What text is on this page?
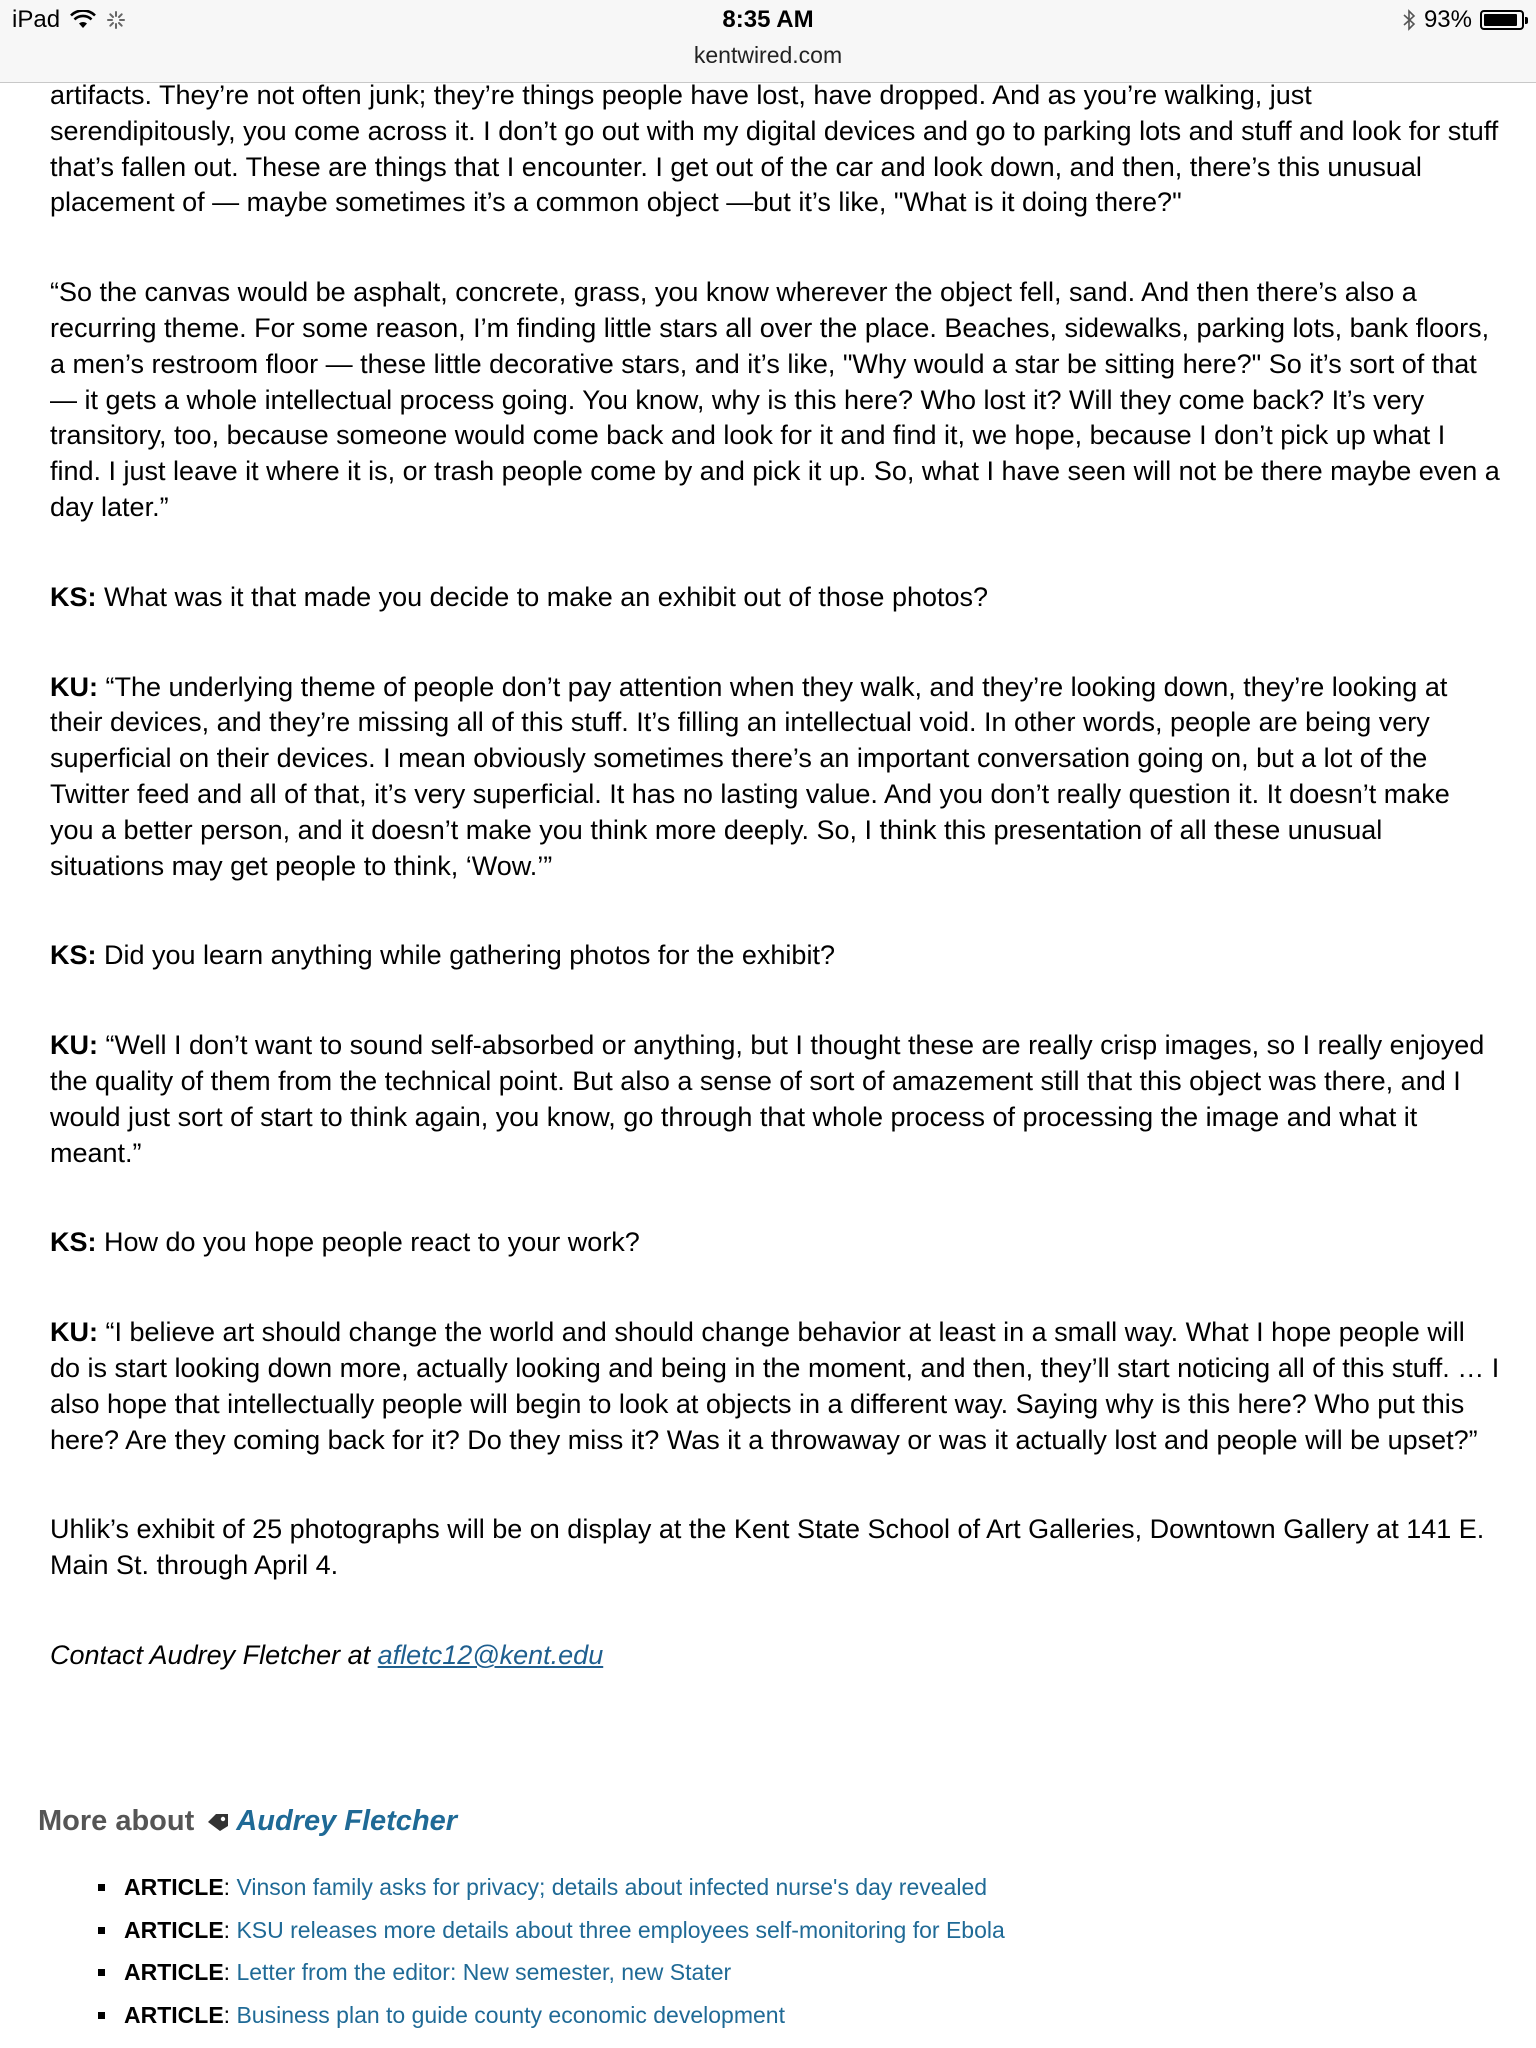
iPad	8:35 AM	93%
kentwired.com

artifacts. They’re not often junk; they’re things people have lost, have dropped. And as you’re walking, just serendipitously, you come across it. I don’t go out with my digital devices and go to parking lots and stuff and look for stuff that’s fallen out. These are things that I encounter. I get out of the car and look down, and then, there’s this unusual placement of — maybe sometimes it’s a common object —but it’s like, "What is it doing there?"

“So the canvas would be asphalt, concrete, grass, you know wherever the object fell, sand. And then there’s also a recurring theme. For some reason, I’m finding little stars all over the place. Beaches, sidewalks, parking lots, bank floors, a men’s restroom floor — these little decorative stars, and it’s like, "Why would a star be sitting here?" So it’s sort of that — it gets a whole intellectual process going. You know, why is this here? Who lost it? Will they come back? It’s very transitory, too, because someone would come back and look for it and find it, we hope, because I don’t pick up what I find. I just leave it where it is, or trash people come by and pick it up. So, what I have seen will not be there maybe even a day later.”

KS: What was it that made you decide to make an exhibit out of those photos?

KU: “The underlying theme of people don’t pay attention when they walk, and they’re looking down, they’re looking at their devices, and they’re missing all of this stuff. It’s filling an intellectual void. In other words, people are being very superficial on their devices. I mean obviously sometimes there’s an important conversation going on, but a lot of the Twitter feed and all of that, it’s very superficial. It has no lasting value. And you don’t really question it. It doesn’t make you a better person, and it doesn’t make you think more deeply. So, I think this presentation of all these unusual situations may get people to think, ‘Wow.’”

KS: Did you learn anything while gathering photos for the exhibit?

KU: “Well I don’t want to sound self-absorbed or anything, but I thought these are really crisp images, so I really enjoyed the quality of them from the technical point. But also a sense of sort of amazement still that this object was there, and I would just sort of start to think again, you know, go through that whole process of processing the image and what it meant.”

KS: How do you hope people react to your work?

KU: “I believe art should change the world and should change behavior at least in a small way. What I hope people will do is start looking down more, actually looking and being in the moment, and then, they’ll start noticing all of this stuff. … I also hope that intellectually people will begin to look at objects in a different way. Saying why is this here? Who put this here? Are they coming back for it? Do they miss it? Was it a throwaway or was it actually lost and people will be upset?”

Uhlik’s exhibit of 25 photographs will be on display at the Kent State School of Art Galleries, Downtown Gallery at 141 E. Main St. through April 4.

Contact Audrey Fletcher at afletc12@kent.edu

More about Audrey Fletcher
ARTICLE: Vinson family asks for privacy; details about infected nurse's day revealed
ARTICLE: KSU releases more details about three employees self-monitoring for Ebola
ARTICLE: Letter from the editor: New semester, new Stater
ARTICLE: Business plan to guide county economic development
